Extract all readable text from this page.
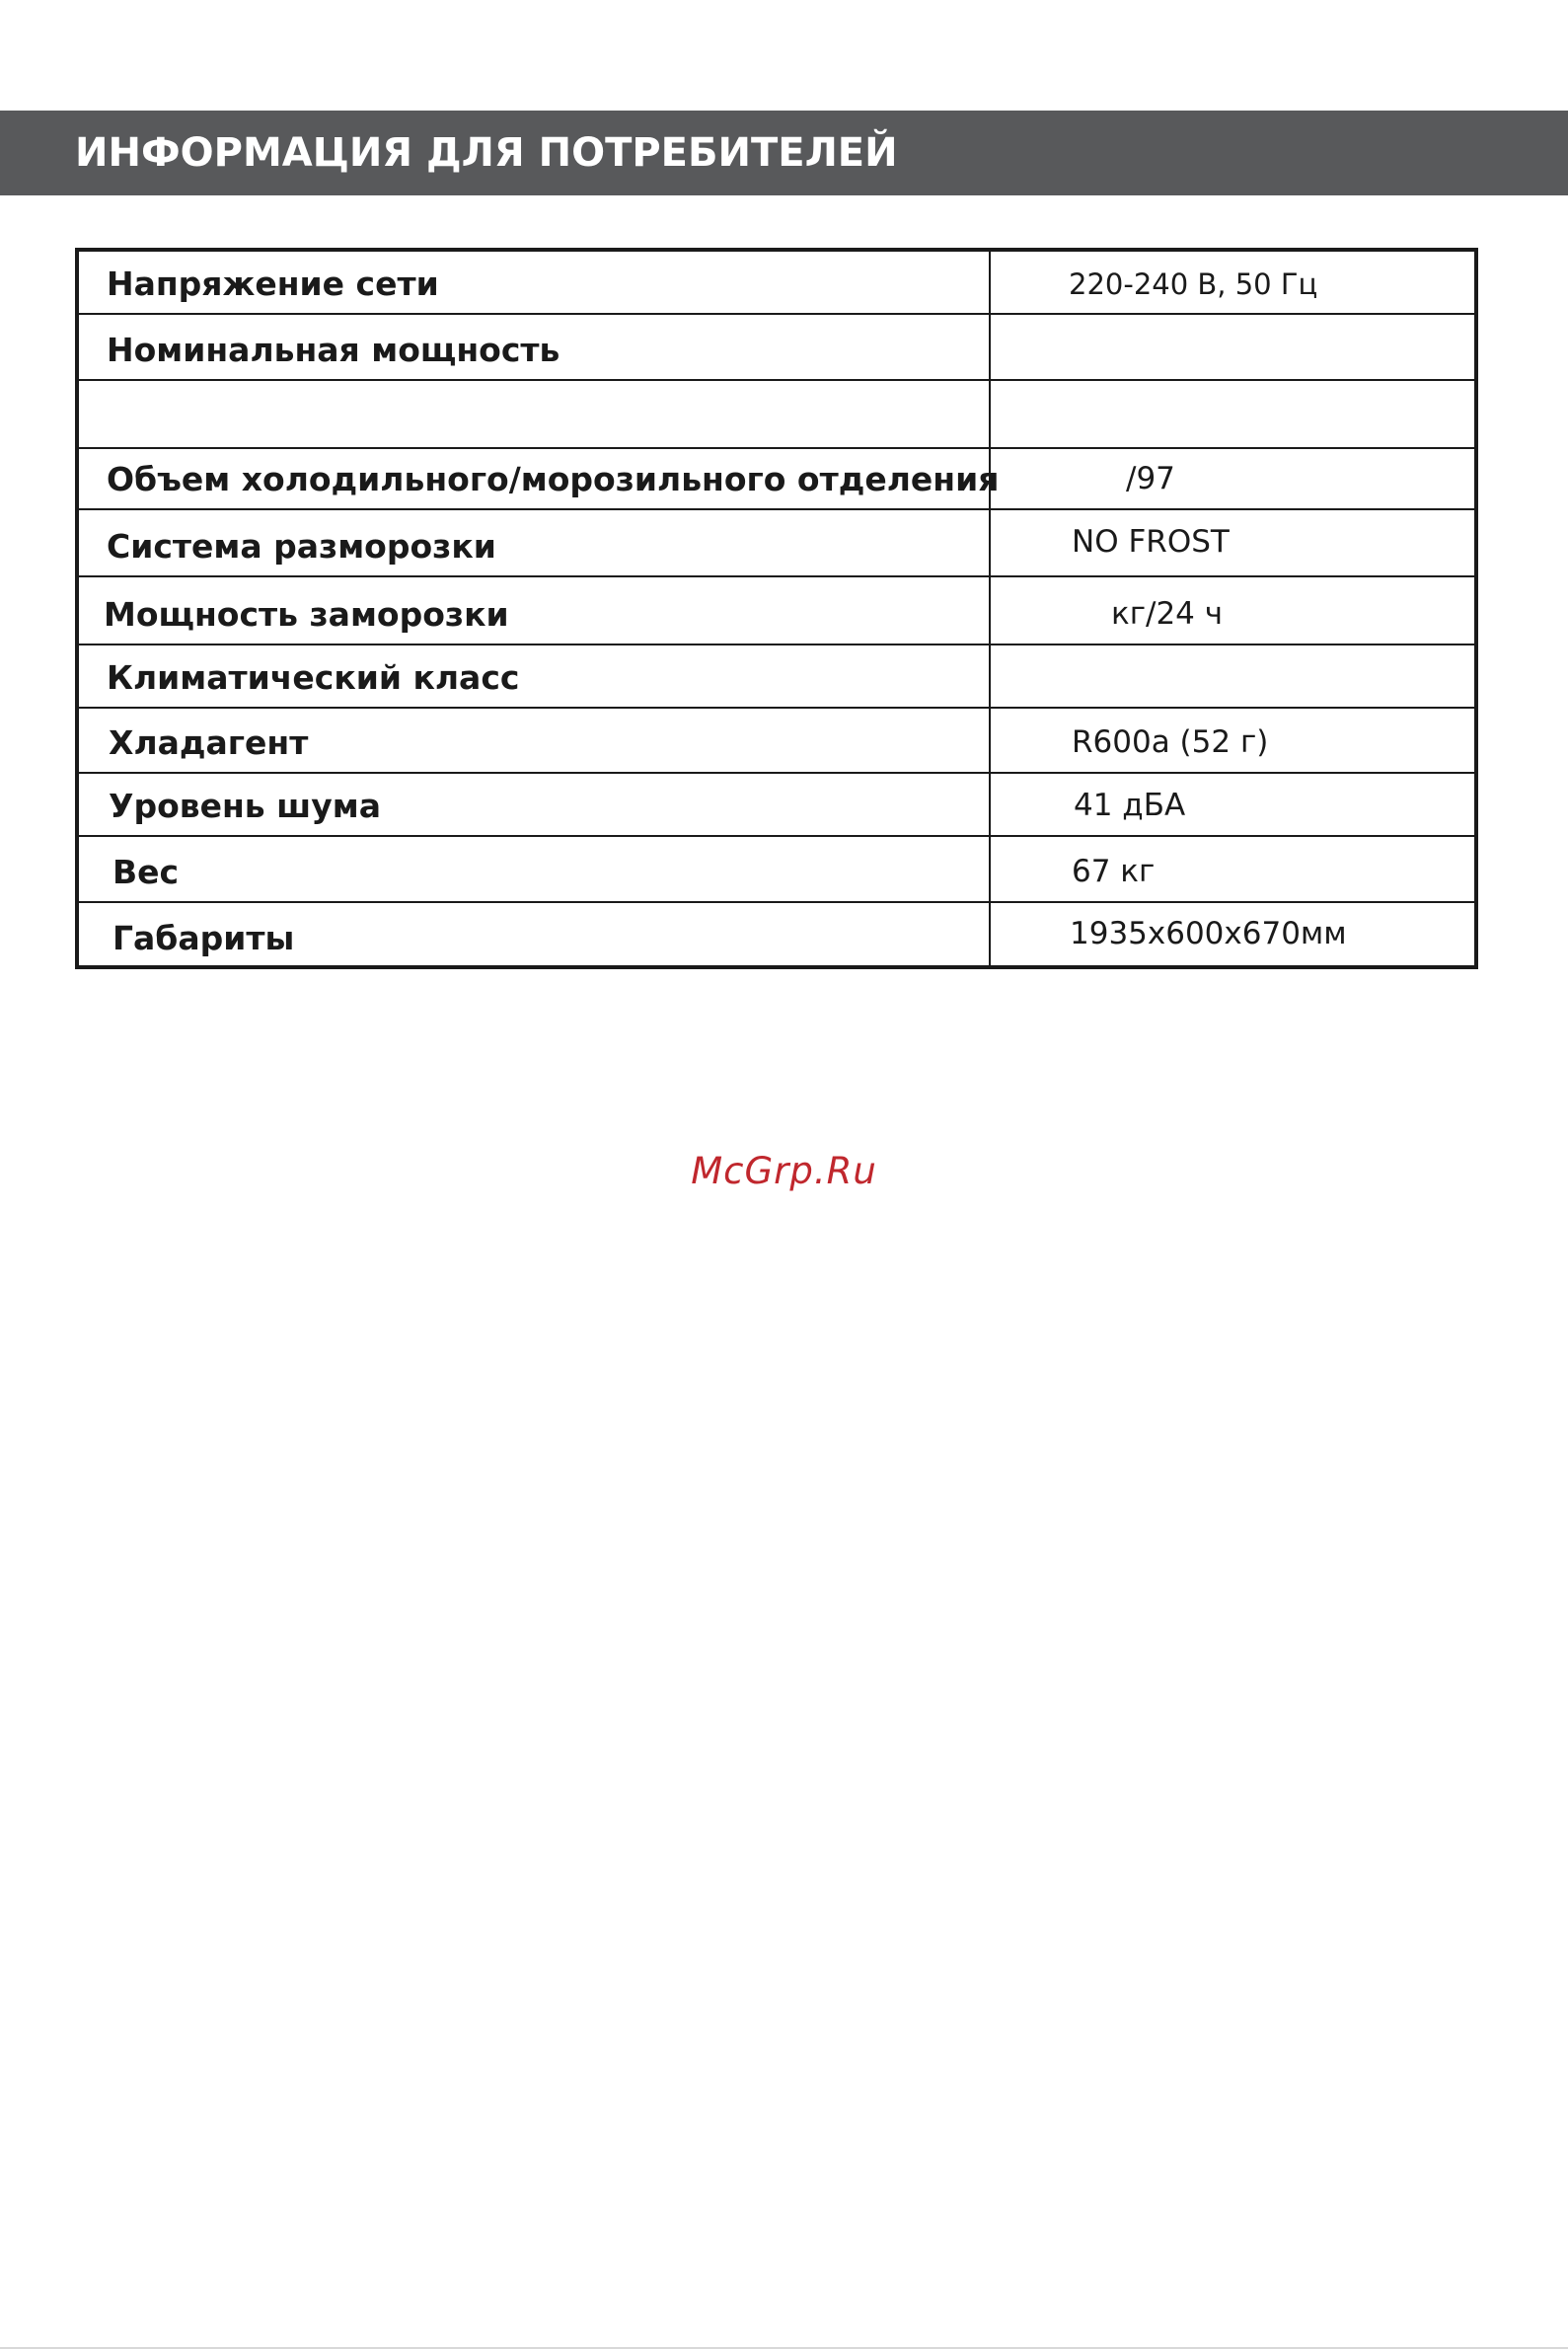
ИНФОРМАЦИЯ ДЛЯ ПОТРЕБИТЕЛЕЙ
Напряжение сети	220-240 В, 50 Гц
Номинальная мощность
Объем холодильного/морозильного отделения	/97
Система разморозки	NO FROST
Мощность заморозки	кг/24 ч
Климатический класс
Хладагент	R600a (52 г)
Уровень шума	41 дБА
Вес	67 кг
Габариты	1935x600x670мм
McGrp.Ru
